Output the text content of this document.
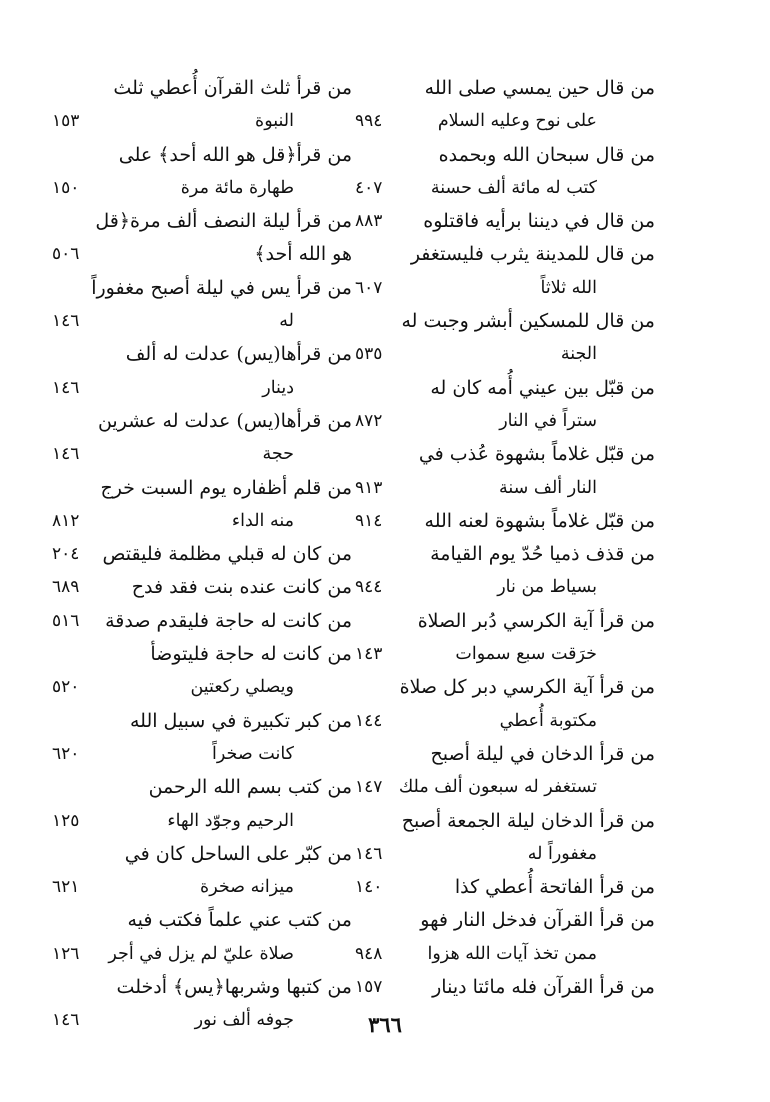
من قال حين يمسي صلى الله
على نوح وعليه السلام
٩٩٤
من قال سبحان الله وبحمده
كتب له مائة ألف حسنة
٤٠٧
من قال في ديننا برأيه فاقتلوه
٨٨٣
من قال للمدينة يثرب فليستغفر
الله ثلاثاً
٦٠٧
من قال للمسكين أبشر وجبت له
الجنة
٥٣٥
من قبّل بين عيني أُمه كان له
ستراً في النار
٨٧٢
من قبّل غلاماً بشهوة عُذب في
النار ألف سنة
٩١٣
من قبّل غلاماً بشهوة لعنه الله
٩١٤
من قذف ذميا حُدّ يوم القيامة
بسياط من نار
٩٤٤
من قرأ آية الكرسي دُبر الصلاة
خرَقت سبع سموات
١٤٣
من قرأ آية الكرسي دبر كل صلاة
مكتوبة أُعطي
١٤٤
من قرأ الدخان في ليلة أصبح
تستغفر له سبعون ألف ملك
١٤٧
من قرأ الدخان ليلة الجمعة أصبح
مغفوراً له
١٤٦
من قرأ الفاتحة أُعطي كذا
١٤٠
من قرأ القرآن فدخل النار فهو
ممن تخذ آيات الله هزوا
٩٤٨
من قرأ القرآن فله مائتا دينار
١٥٧
من قرأ ثلث القرآن أُعطي ثلث
النبوة
١٥٣
من قرأ﴿قل هو الله أحد﴾ على
طهارة مائة مرة
١٥٠
من قرأ ليلة النصف ألف مرة﴿قل
هو الله أحد﴾
٥٠٦
من قرأ يس في ليلة أصبح مغفوراً
له
١٤٦
من قرأها(يس) عدلت له ألف
دينار
١٤٦
من قرأها(يس) عدلت له عشرين
حجة
١٤٦
من قلم أظفاره يوم السبت خرج
منه الداء
٨١٢
من كان له قبلي مظلمة فليقتص
٢٠٤
من كانت عنده بنت فقد فدح
٦٨٩
من كانت له حاجة فليقدم صدقة
٥١٦
من كانت له حاجة فليتوضأ
ويصلي ركعتين
٥٢٠
من كبر تكبيرة في سبيل الله
كانت صخراً
٦٢٠
من كتب بسم الله الرحمن
الرحيم وجوّد الهاء
١٢٥
من كبّر على الساحل كان في
ميزانه صخرة
٦٢١
من كتب عني علماً فكتب فيه
صلاة عليّ لم يزل في أجر
١٢٦
من كتبها وشربها﴿يس﴾ أدخلت
جوفه ألف نور
١٤٦	٣٦٦
